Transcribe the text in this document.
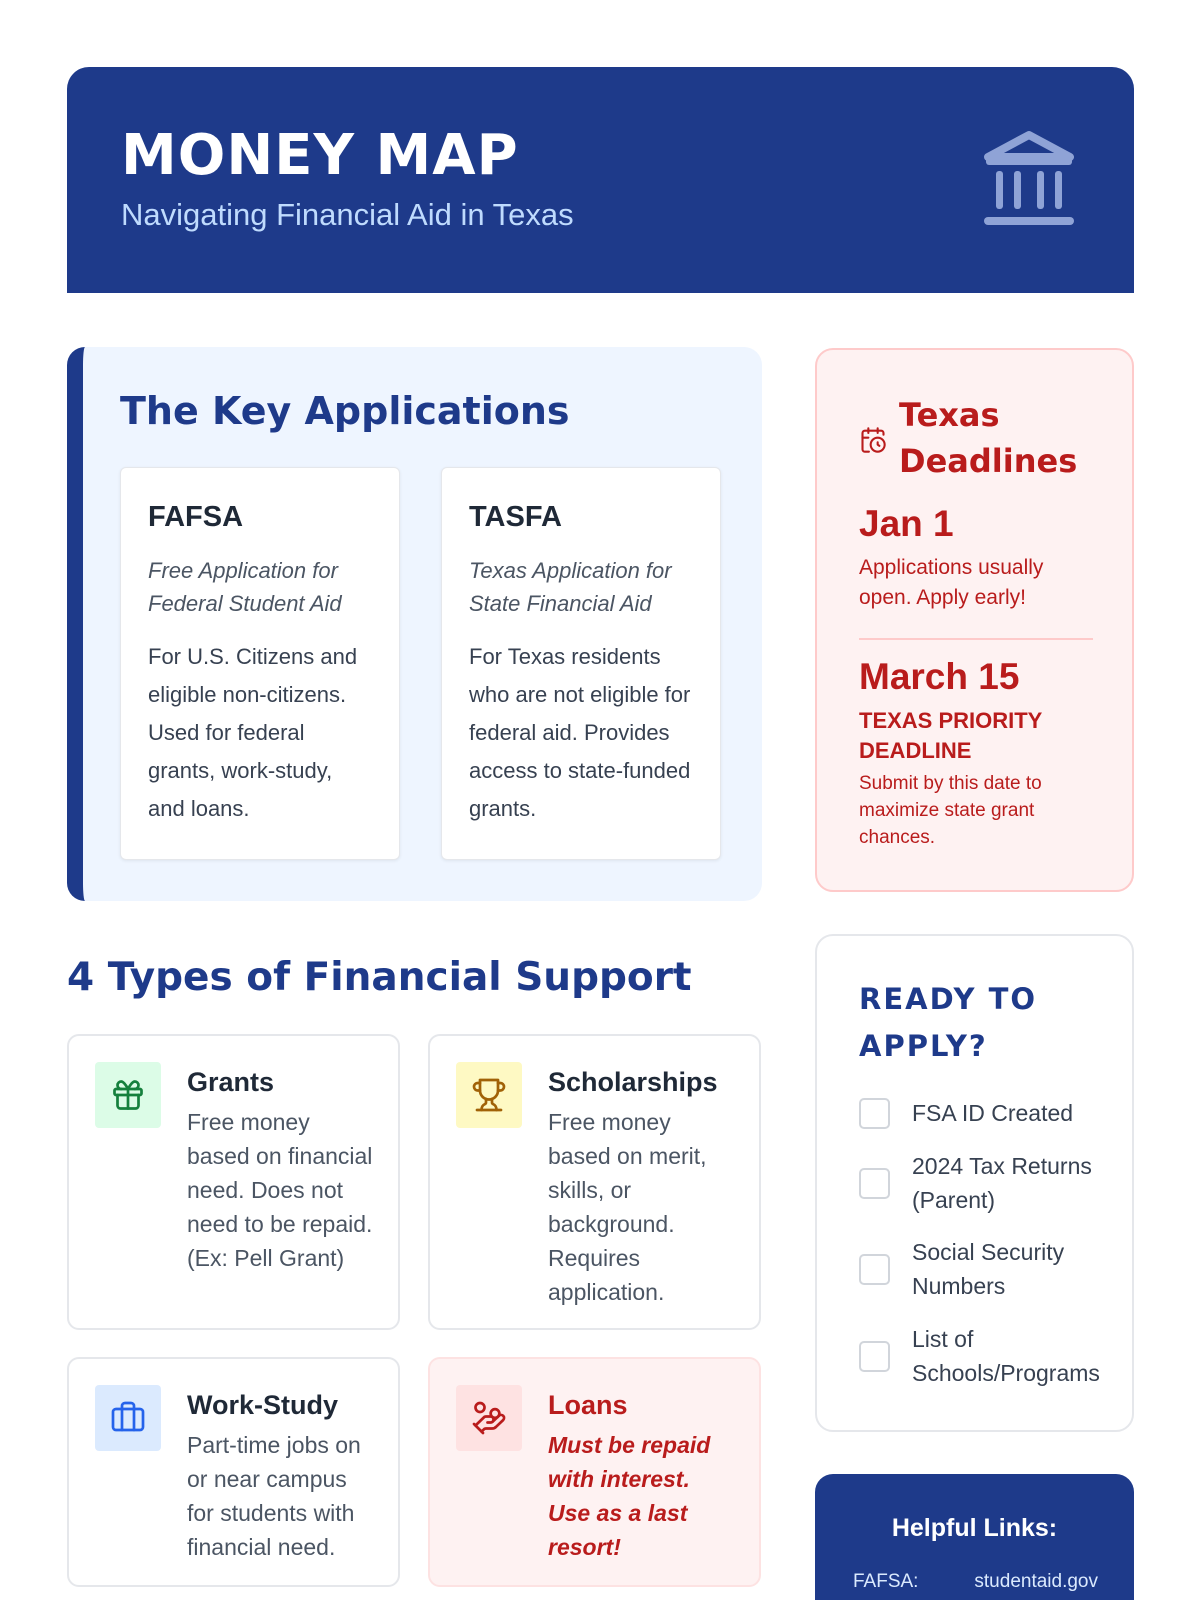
MONEY MAP
Navigating Financial Aid in Texas
The Key Applications
FAFSA
Free Application for Federal Student Aid
For U.S. Citizens and eligible non-citizens. Used for federal grants, work-study, and loans.
TASFA
Texas Application for State Financial Aid
For Texas residents who are not eligible for federal aid. Provides access to state-funded grants.
Texas Deadlines
Jan 1
Applications usually open. Apply early!
March 15
TEXAS PRIORITY DEADLINE
Submit by this date to maximize state grant chances.
4 Types of Financial Support
Grants
Free money based on financial need. Does not need to be repaid. (Ex: Pell Grant)
Scholarships
Free money based on merit, skills, or background. Requires application.
Work-Study
Part-time jobs on or near campus for students with financial need.
Loans
Must be repaid with interest. Use as a last resort!
READY TO APPLY?
FSA ID Created
2024 Tax Returns (Parent)
Social Security Numbers
List of Schools/Programs
Helpful Links:
FAFSA:	studentaid.gov
